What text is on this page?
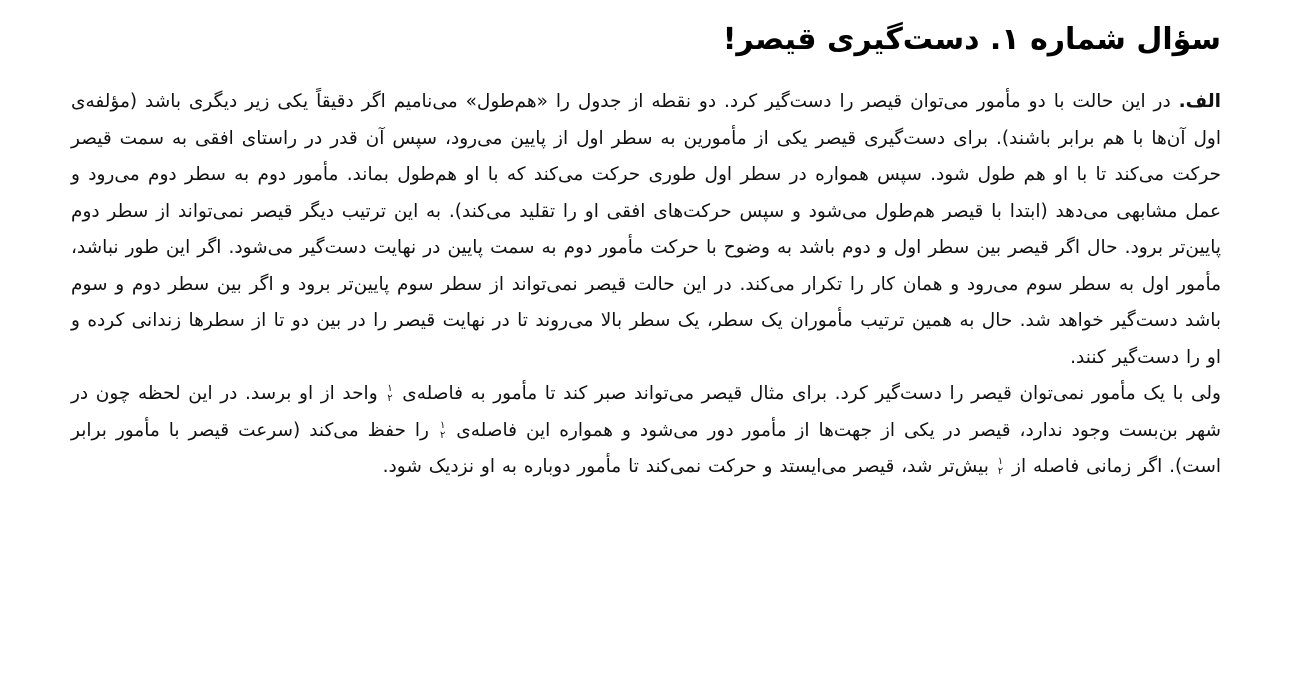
سؤال شماره ۱. دست‌گیری قیصر!

الف. در این حالت با دو مأمور می‌توان قیصر را دست‌گیر کرد. دو نقطه از جدول را «هم‌طول» می‌نامیم اگر دقیقاً یکی زیر دیگری باشد (مؤلفه‌ی اول آن‌ها با هم برابر باشند). برای دست‌گیری قیصر یکی از مأمورین به سطر اول از پایین می‌رود، سپس آن قدر در راستای افقی به سمت قیصر حرکت می‌کند تا با او هم طول شود. سپس همواره در سطر اول طوری حرکت می‌کند که با او هم‌طول بماند. مأمور دوم به سطر دوم می‌رود و عمل مشابهی می‌دهد (ابتدا با قیصر هم‌طول می‌شود و سپس حرکت‌های افقی او را تقلید می‌کند). به این ترتیب دیگر قیصر نمی‌تواند از سطر دوم پایین‌تر برود. حال اگر قیصر بین سطر اول و دوم باشد به وضوح با حرکت مأمور دوم به سمت پایین در نهایت دست‌گیر می‌شود. اگر این طور نباشد، مأمور اول به سطر سوم می‌رود و همان کار را تکرار می‌کند. در این حالت قیصر نمی‌تواند از سطر سوم پایین‌تر برود و اگر بین سطر دوم و سوم باشد دست‌گیر خواهد شد. حال به همین ترتیب مأموران یک سطر، یک سطر بالا می‌روند تا در نهایت قیصر را در بین دو تا از سطرها زندانی کرده و او را دست‌گیر کنند.

ولی با یک مأمور نمی‌توان قیصر را دست‌گیر کرد. برای مثال قیصر می‌تواند صبر کند تا مأمور به فاصله‌ی
۱
۲
واحد از او برسد. در این لحظه چون در شهر بن‌بست وجود ندارد، قیصر در یکی از جهت‌ها از مأمور دور می‌شود و همواره این فاصله‌ی
۱
۲
را حفظ می‌کند (سرعت قیصر با مأمور برابر است). اگر زمانی فاصله از
۱
۲
بیش‌تر شد، قیصر می‌ایستد و حرکت نمی‌کند تا مأمور دوباره به او نزدیک شود.
